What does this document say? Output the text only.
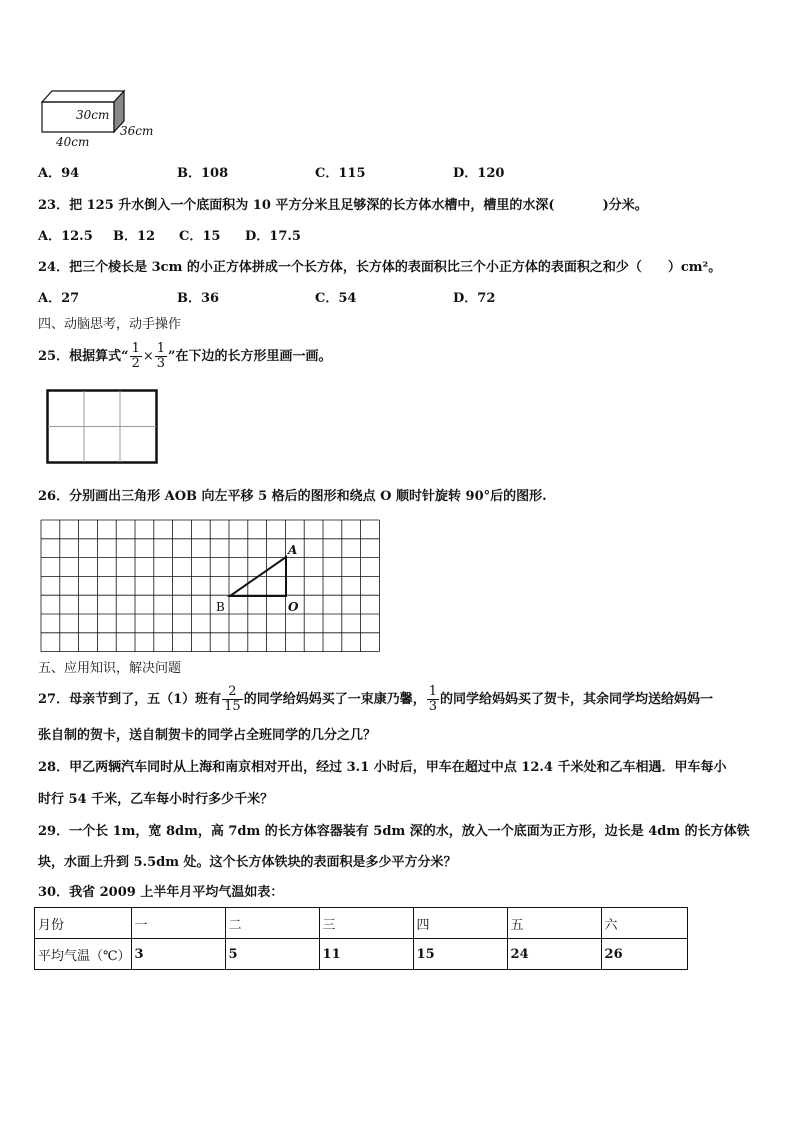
30cm
36cm
40cm
A．94	B．108	C．115	D．120
23．把 125 升水倒入一个底面积为 10 平方分米且足够深的长方体水槽中，槽里的水深(	)分米。
A．12.5 B．12 C．15 D．17.5
24．把三个棱长是 3cm 的小正方体拼成一个长方体，长方体的表面积比三个小正方体的表面积之和少（ ）cm²。
A．27	B．36	C．54	D．72
四、动脑思考，动手操作
25．根据算式“ $\frac{1}{2} \times \frac{1}{3}$ ”在下边的长方形里画一画。
26．分别画出三角形 AOB 向左平移 5 格后的图形和绕点 O 顺时针旋转 90°后的图形.
A
B	O
五、应用知识，解决问题
27．母亲节到了，五（1）班有 $\frac{2}{15}$ 的同学给妈妈买了一束康乃馨， $\frac{1}{3}$ 的同学给妈妈买了贺卡，其余同学均送给妈妈一
张自制的贺卡，送自制贺卡的同学占全班同学的几分之几？
28．甲乙两辆汽车同时从上海和南京相对开出，经过 3.1 小时后，甲车在超过中点 12.4 千米处和乙车相遇．甲车每小
时行 54 千米，乙车每小时行多少千米？
29．一个长 1m，宽 8dm，高 7dm 的长方体容器装有 5dm 深的水，放入一个底面为正方形，边长是 4dm 的长方体铁
块，水面上升到 5.5dm 处。这个长方体铁块的表面积是多少平方分米？
30．我省 2009 上半年月平均气温如表：
月份	一	二	三	四	五	六
平均气温（℃）	3	5	11	15	24	26
